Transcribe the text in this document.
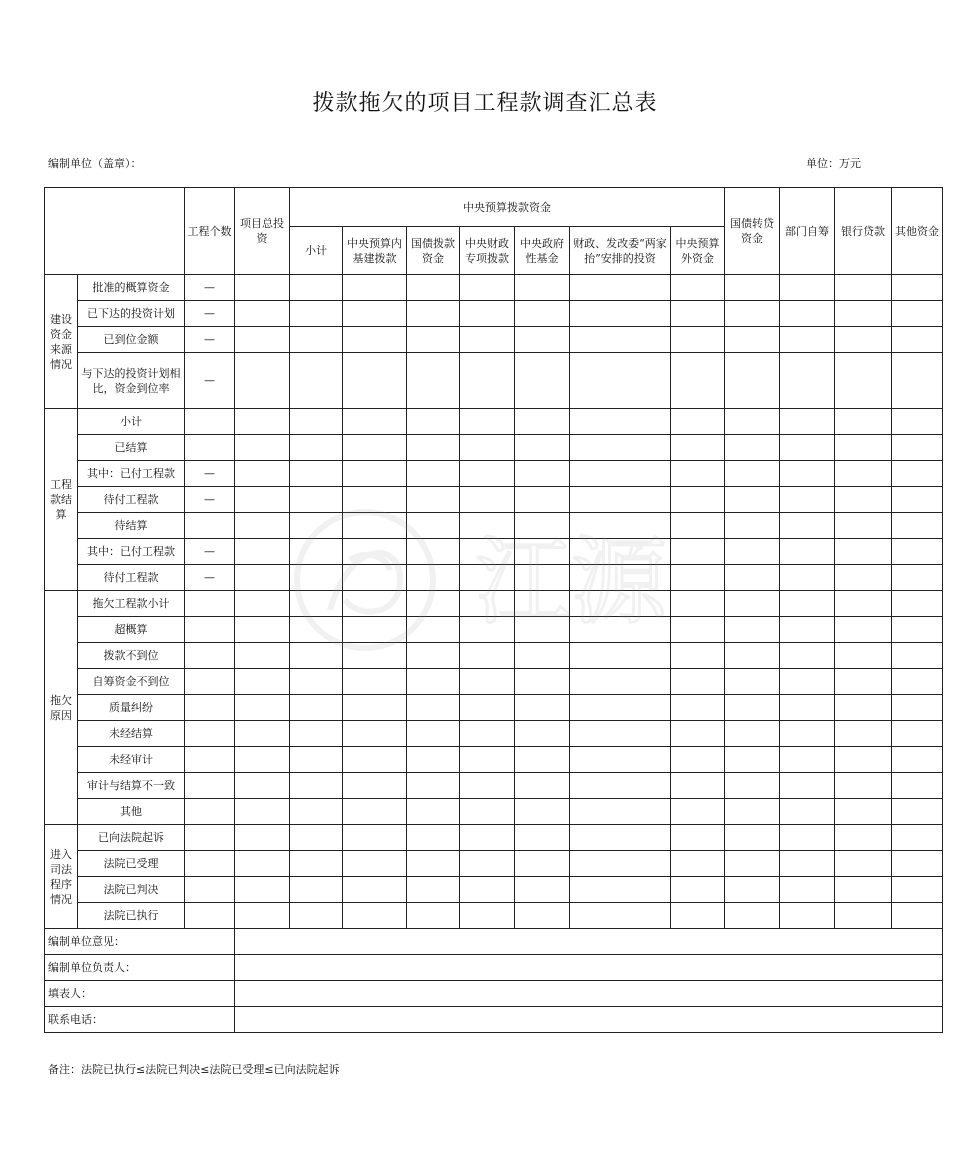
拨款拖欠的项目工程款调查汇总表
编制单位（盖章）：	单位：万元
		工程个数	项目总投资	中央预算拨款资金							国债转贷资金	部门自筹	银行贷款	其他资金
				小计	中央预算内基建拨款	国债拨款资金	中央财政专项拨款	中央政府性基金	财政、发改委“两家抬”安排的投资	中央预算外资金				
建设资金来源情况	批准的概算资金	—												
	已下达的投资计划	—												
	已到位金额	—												
	与下达的投资计划相比，资金到位率	—												
工程款结算	小计													
	已结算													
	其中：已付工程款	—												
	待付工程款	—												
	待结算													
	其中：已付工程款	—												
	待付工程款	—												
拖欠原因	拖欠工程款小计													
	超概算													
	拨款不到位													
	自筹资金不到位													
	质量纠纷													
	未经结算													
	未经审计													
	审计与结算不一致													
	其他													
进入司法程序情况	已向法院起诉													
	法院已受理													
	法院已判决													
	法院已执行													
编制单位意见：														
编制单位负责人：														
填表人：														
联系电话：														
备注：法院已执行≤法院已判决≤法院已受理≤已向法院起诉
江源
